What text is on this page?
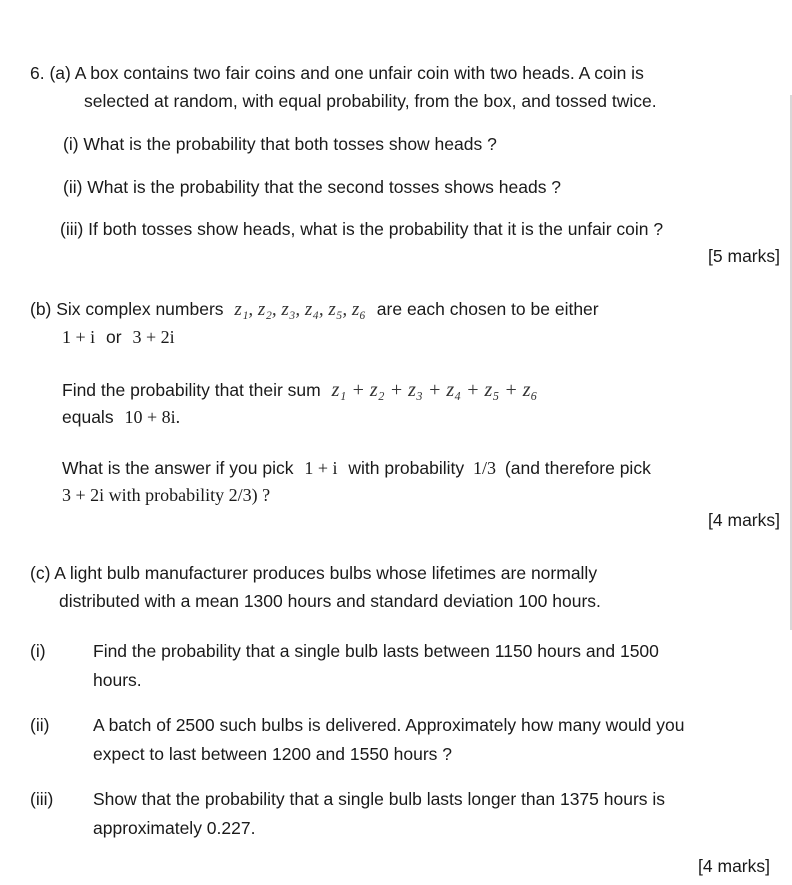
6. (a) A box contains two fair coins and one unfair coin with two heads. A coin is
selected at random, with equal probability, from the box, and tossed twice.
(i) What is the probability that both tosses show heads ?
(ii) What is the probability that the second tosses shows heads ?
(iii) If both tosses show heads, what is the probability that it is the unfair coin ?
[5 marks]
(b) Six complex numbers z₁, z₂, z₃, z₄, z₅, z₆ are each chosen to be either
1 + i or 3 + 2i
Find the probability that their sum z₁ + z₂ + z₃ + z₄ + z₅ + z₆
equals 10 + 8i.
What is the answer if you pick 1 + i with probability 1/3 (and therefore pick
3 + 2i with probability 2/3) ?
[4 marks]
(c) A light bulb manufacturer produces bulbs whose lifetimes are normally
distributed with a mean 1300 hours and standard deviation 100 hours.
(i)	Find the probability that a single bulb lasts between 1150 hours and 1500
hours.
(ii) A batch of 2500 such bulbs is delivered. Approximately how many would you
expect to last between 1200 and 1550 hours ?
(iii) Show that the probability that a single bulb lasts longer than 1375 hours is
approximately 0.227.
[4 marks]
